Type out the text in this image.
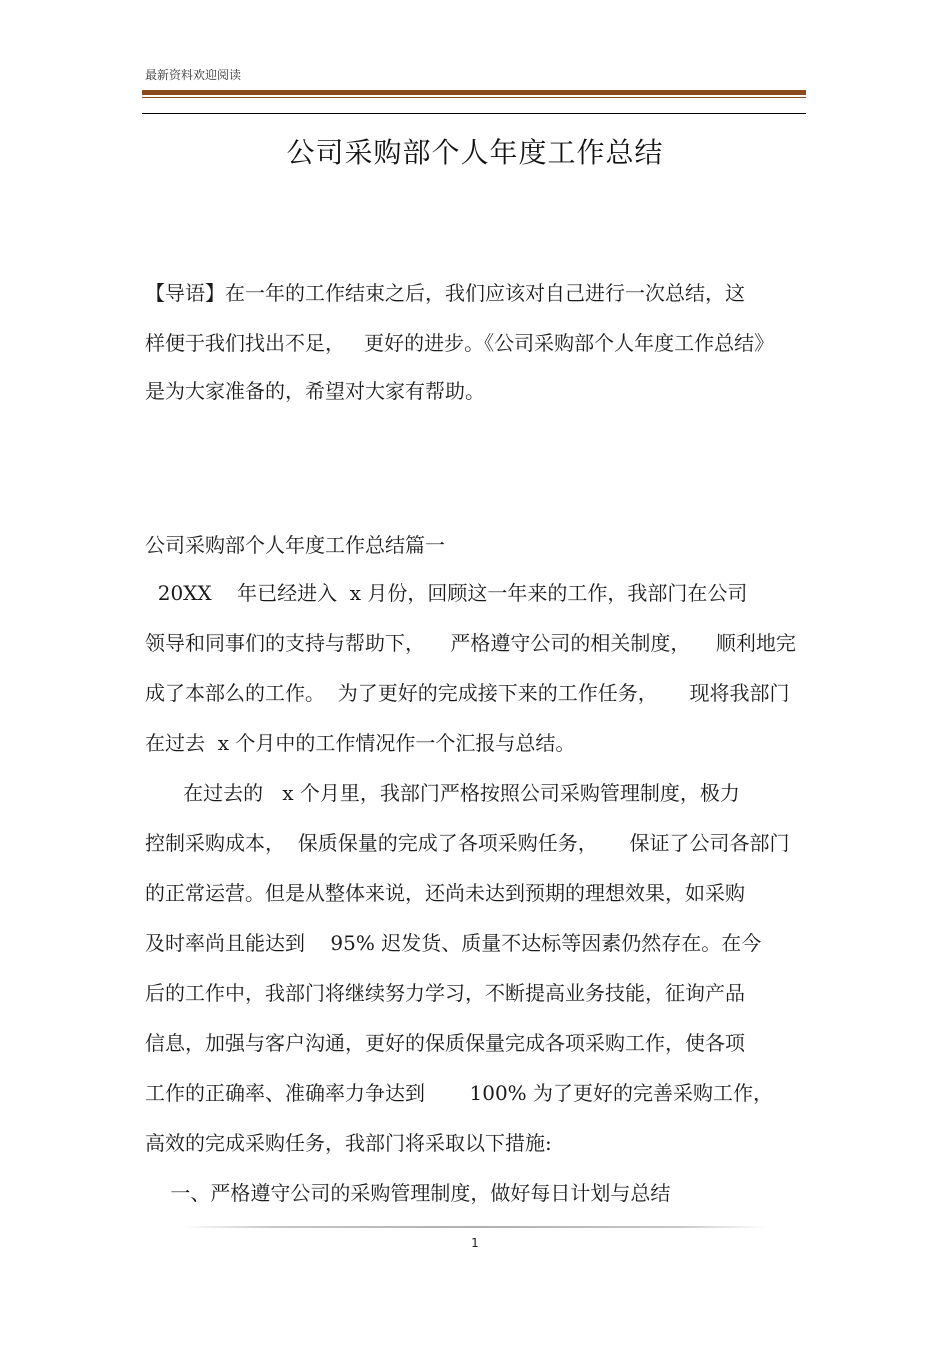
最新资料欢迎阅读
公司采购部个人年度工作总结
【导语】在一年的工作结束之后，我们应该对自己进行一次总结，这
样便于我们找出不足，   更好的进步。《公司采购部个人年度工作总结》
是为大家准备的，希望对大家有帮助。
公司采购部个人年度工作总结篇一
20XX    年已经进入  x 月份，回顾这一年来的工作，我部门在公司
领导和同事们的支持与帮助下，    严格遵守公司的相关制度，    顺利地完
成了本部么的工作。  为了更好的完成接下来的工作任务，     现将我部门
在过去  x 个月中的工作情况作一个汇报与总结。
在过去的   x 个月里，我部门严格按照公司采购管理制度，极力
控制采购成本，  保质保量的完成了各项采购任务，     保证了公司各部门
的正常运营。但是从整体来说，还尚未达到预期的理想效果，如采购
及时率尚且能达到    95% 迟发货、质量不达标等因素仍然存在。在今
后的工作中，我部门将继续努力学习，不断提高业务技能，征询产品
信息，加强与客户沟通，更好的保质保量完成各项采购工作，使各项
工作的正确率、准确率力争达到       100% 为了更好的完善采购工作，
高效的完成采购任务，我部门将采取以下措施:
一、严格遵守公司的采购管理制度，做好每日计划与总结
1
